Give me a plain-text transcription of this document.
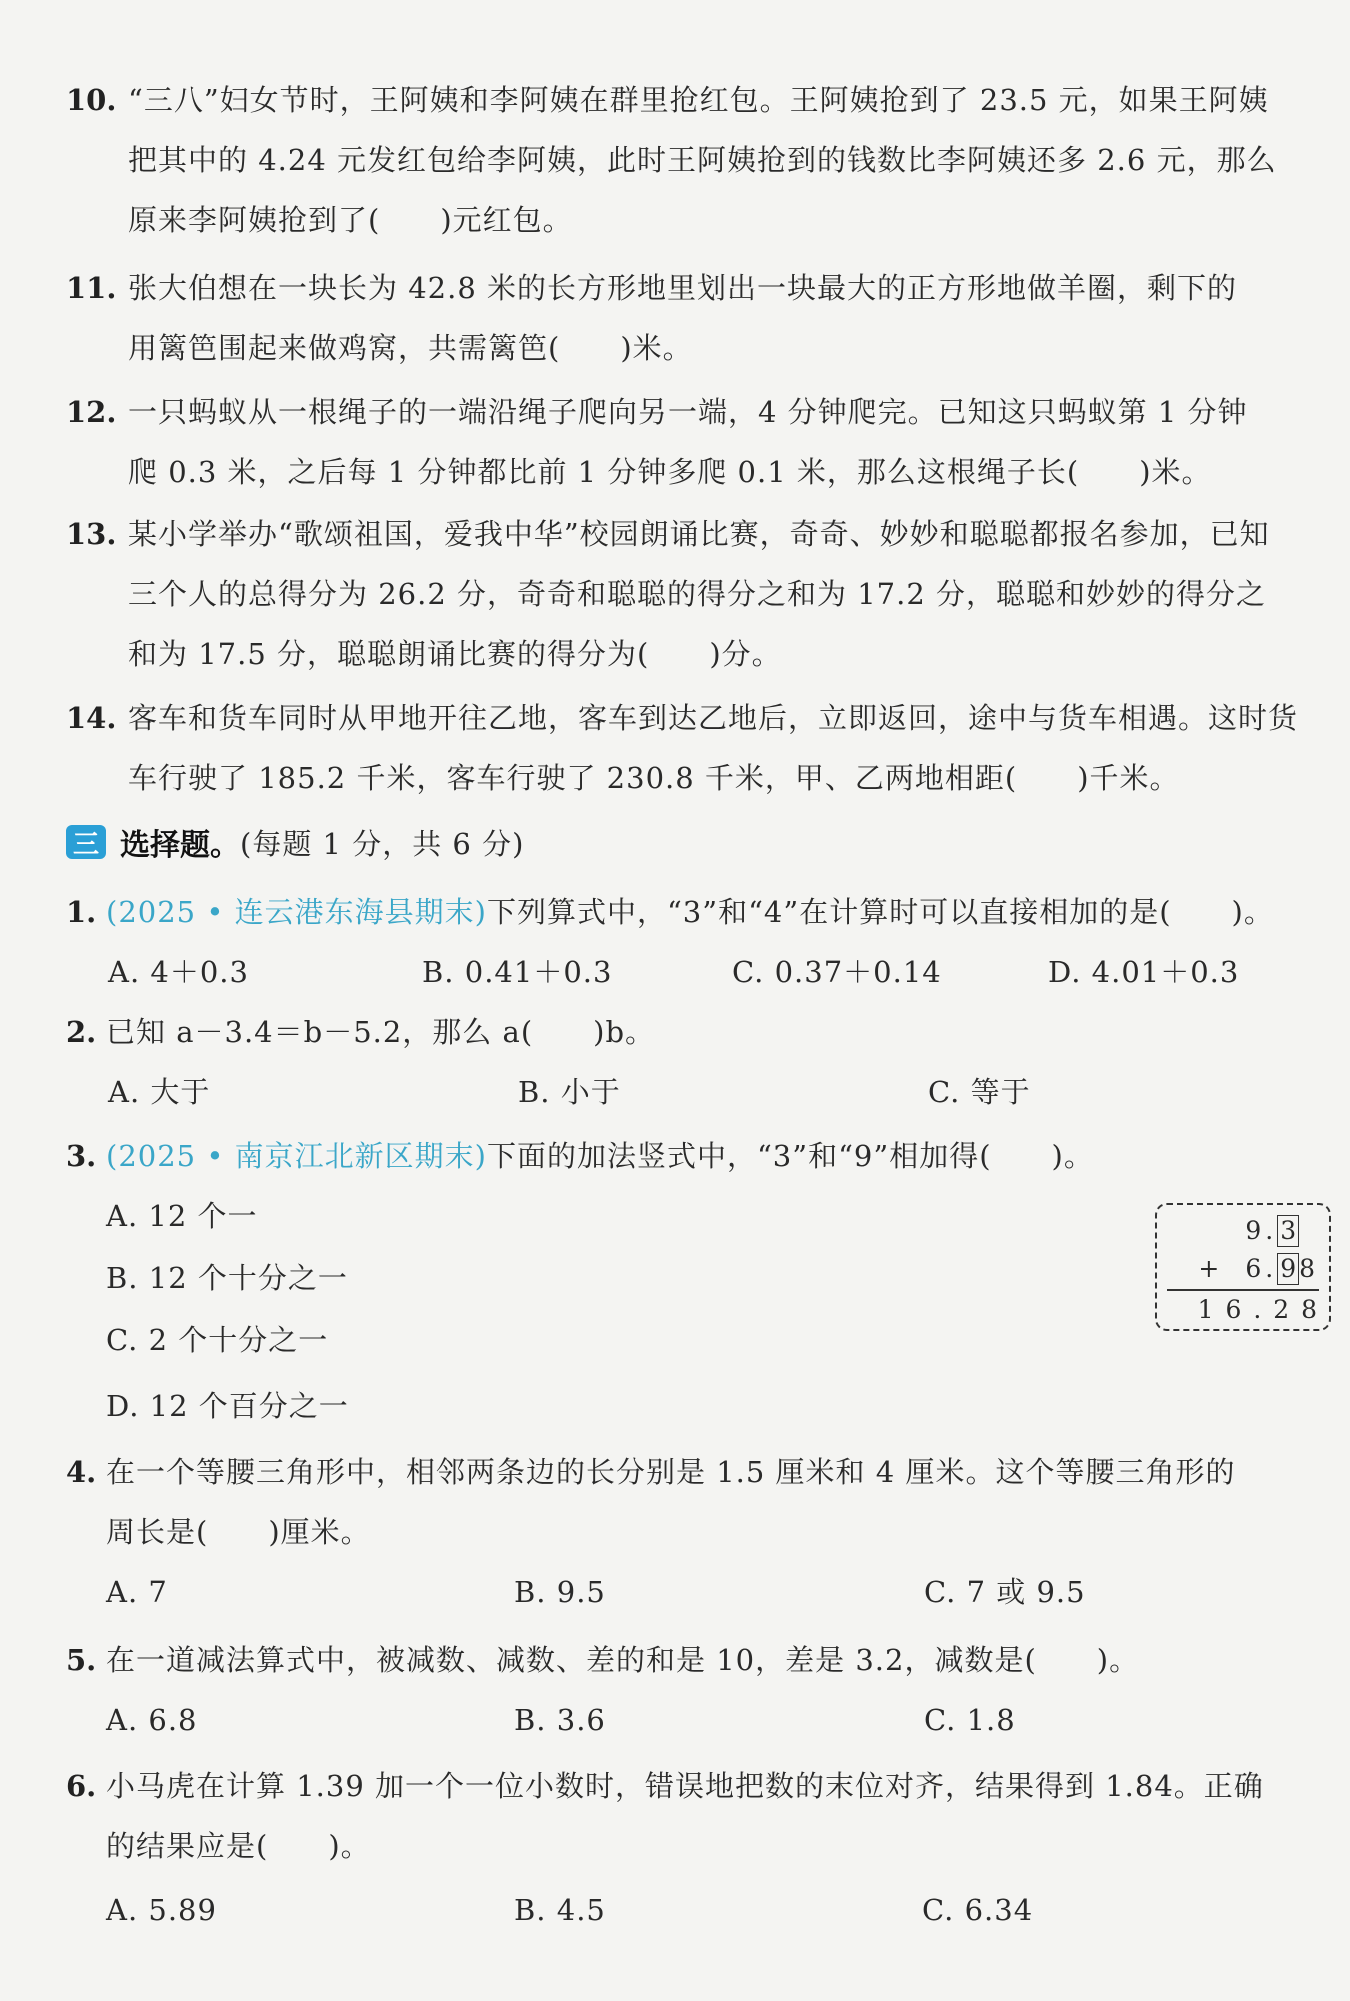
10. “三八”妇女节时，王阿姨和李阿姨在群里抢红包。王阿姨抢到了 23.5 元，如果王阿姨
把其中的 4.24 元发红包给李阿姨，此时王阿姨抢到的钱数比李阿姨还多 2.6 元，那么
原来李阿姨抢到了(　　)元红包。
11. 张大伯想在一块长为 42.8 米的长方形地里划出一块最大的正方形地做羊圈，剩下的
用篱笆围起来做鸡窝，共需篱笆(　　)米。
12. 一只蚂蚁从一根绳子的一端沿绳子爬向另一端，4 分钟爬完。已知这只蚂蚁第 1 分钟
爬 0.3 米，之后每 1 分钟都比前 1 分钟多爬 0.1 米，那么这根绳子长(　　)米。
13. 某小学举办“歌颂祖国，爱我中华”校园朗诵比赛，奇奇、妙妙和聪聪都报名参加，已知
三个人的总得分为 26.2 分，奇奇和聪聪的得分之和为 17.2 分，聪聪和妙妙的得分之
和为 17.5 分，聪聪朗诵比赛的得分为(　　)分。
14. 客车和货车同时从甲地开往乙地，客车到达乙地后，立即返回，途中与货车相遇。这时货
车行驶了 185.2 千米，客车行驶了 230.8 千米，甲、乙两地相距(　　)千米。
三 选择题。 (每题 1 分，共 6 分)
1. (2025 • 连云港东海县期末)下列算式中，“3”和“4”在计算时可以直接相加的是(　　)。
A. 4＋0.3	B. 0.41＋0.3	C. 0.37＋0.14	D. 4.01＋0.3
2. 已知 a－3.4＝b－5.2，那么 a(　　)b。
A. 大于	B. 小于	C. 等于
3. (2025 • 南京江北新区期末)下面的加法竖式中，“3”和“9”相加得(　　)。
A. 12 个一
B. 12 个十分之一
C. 2 个十分之一
D. 12 个百分之一
9. 3
+ 6. 9 8
1 6 . 2 8
4. 在一个等腰三角形中，相邻两条边的长分别是 1.5 厘米和 4 厘米。这个等腰三角形的
周长是(　　)厘米。
A. 7	B. 9.5	C. 7 或 9.5
5. 在一道减法算式中，被减数、减数、差的和是 10，差是 3.2，减数是(　　)。
A. 6.8	B. 3.6	C. 1.8
6. 小马虎在计算 1.39 加一个一位小数时，错误地把数的末位对齐，结果得到 1.84。正确
的结果应是(　　)。
A. 5.89	B. 4.5	C. 6.34
